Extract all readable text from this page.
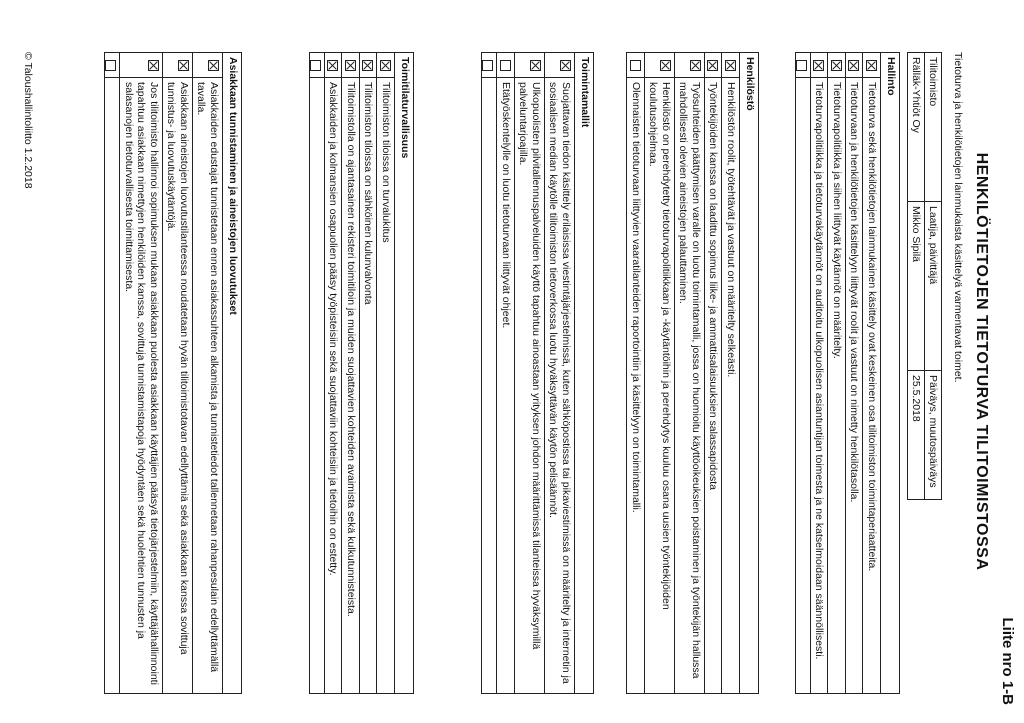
Liite nro 1-B
HENKILÖTIETOJEN TIETOTURVA TILITOIMISTOSSA
Tietoturva ja henkilötietojen lainmukaista käsittelyä varmentavat toimet.
Tilitoimisto	Laatija, päivittäjä	Päiväys, muutospäiväys
Rälläk-Yhtiöt Oy	Mikko Sipilä	25.5.2018
Hallinto
Tietoturva sekä henkilötietojen lainmukainen käsittely ovat keskeinen osa tilitoimiston toimintaperiaatteita.
Tietoturvaan ja henkilötietojen käsittelyyn liittyvät roolit ja vastuut on nimetty henkilötasolla.
Tietoturvapolitiikka ja siihen liittyvät käytännöt on määritelty.
Tietoturvapolitiikka ja tietoturvakäytännöt on auditoitu ulkopuolisen asiantuntijan toimesta ja ne katselmoidaan säännöllisesti.
Henkilöstö
Henkilöstön roolit, työtehtävät ja vastuut on määritelty selkeästi.
Työntekijöiden kanssa on laadittu sopimus liike- ja ammattisalaisuuksien salassapidosta
Työsuhteiden päättymisen varalle on luotu toimintamalli, jossa on huomioitu käyttöoikeuksien poistaminen ja työntekijän hallussa mahdollisesti olevien aineistojen palauttaminen.
Henkilöstö on perehdytetty tietoturvapolitiikkaan ja -käytäntöihin ja perehdytys kuuluu osana uusien työntekijöiden koulutusohjelmaa.
Olennaisten tietoturvaan liittyvien vaaratilanteiden raportointiin ja käsittelyyn on toimintamalli.
Toimintamallit
Suojattavan tiedon käsittely erilaisissa viestintäjärjestelmissä, kuten sähköpostissa tai pikaviestimissä on määritelty ja internetin ja sosiaalisen median käytölle tilitoimiston tietoverkossa luotu hyväksyttävän käytön pelisäännöt.
Ulkopuolisten pilvitallennuspalveluiden käyttö tapahtuu ainoastaan yrityksen johdon määrittämissä tilanteissa hyväksymillä palveluntarjoajilla.
Etätyöskentelylle on luotu tietoturvaan liittyvät ohjeet.
Toimitilaturvallisuus
Tilitoimiston tiloissa on turvalukitus
Tilitoimiston tiloissa on sähköinen kulunvalvonta
Tilitoimistolla on ajantasainen rekisteri toimitiloin ja muiden suojattavien kohteiden avaimista sekä kulkutunnisteista.
Asiakkaiden ja kolmansien osapuolien pääsy työpisteisiin sekä suojattaviin kohteisiin ja tietoihin on estetty.
Asiakkaan tunnistaminen ja aineistojen luovutukset
Asiakkaiden edustajat tunnistetaan ennen asiakassuhteen alkamista ja tunnistetiedot tallennetaan rahanpesulain edellyttämällä tavalla.
Asiakkaan aineistojen luovutustilanteessa noudatetaan hyvän tilitoimistotavan edellyttämiä sekä asiakkaan kanssa sovittuja tunnistus- ja luovutuskäytäntöjä.
Jos tilitoimisto hallinnoi sopimuksen mukaan asiakkaan puolesta asiakkaan käyttäjien pääsyä tietojärjestelmiin, käyttäjähallinnointi tapahtuu asiakkaan nimettyjen henkilöiden kanssa, sovittuja tunnistamistapoja hyödyntäen sekä huolehtien tunnusten ja salasanojen tietoturvallisesta toimittamisesta.
© Taloushallintoliitto 1.2.2018
